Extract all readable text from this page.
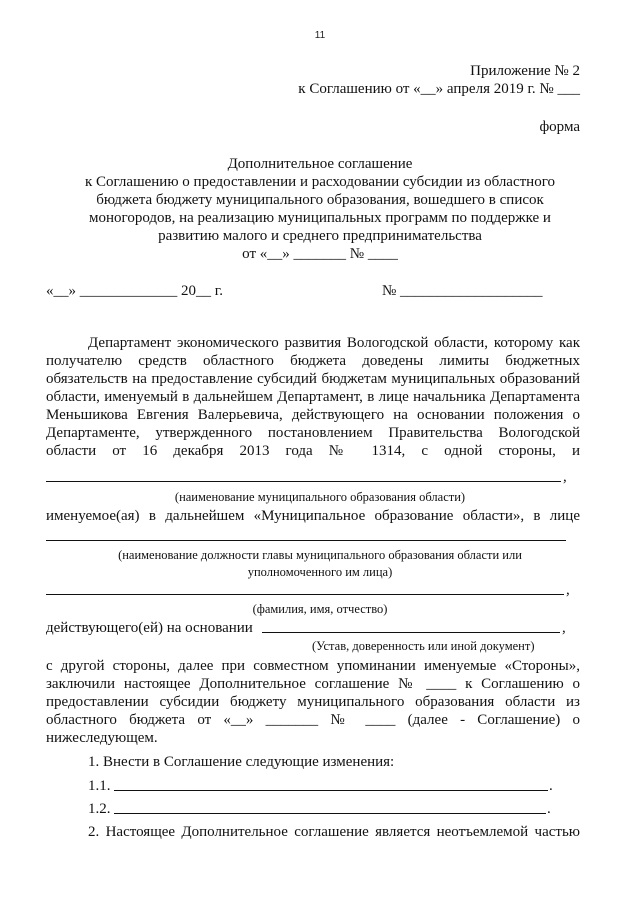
11
Приложение № 2
к Соглашению от «__» апреля 2019 г. № ___
форма
Дополнительное соглашение
к Соглашению о предоставлении и расходовании субсидии из областного
бюджета бюджету муниципального образования, вошедшего в список
моногородов, на реализацию муниципальных программ по поддержке и
развитию малого и среднего предпринимательства
от «__» _______ № ____
«__» _____________ 20__ г.	№ ___________________
Департамент экономического развития Вологодской области, которому как
получателю средств областного бюджета доведены лимиты бюджетных
обязательств на предоставление субсидий бюджетам муниципальных образований
области, именуемый в дальнейшем Департамент, в лице начальника Департамента
Меньшикова Евгения Валерьевича, действующего на основании положения о
Департаменте, утвержденного постановлением Правительства Вологодской
области от 16 декабря 2013 года № 1314, с одной стороны, и
,
(наименование муниципального образования области)
именуемое(ая) в дальнейшем «Муниципальное образование области», в лице
(наименование должности главы муниципального образования области или
уполномоченного им лица)
,
(фамилия, имя, отчество)
действующего(ей) на основании	,
(Устав, доверенность или иной документ)
с другой стороны, далее при совместном упоминании именуемые «Стороны»,
заключили настоящее Дополнительное соглашение № ____ к Соглашению о
предоставлении субсидии бюджету муниципального образования области из
областного бюджета от «__» _______ № ____ (далее - Соглашение) о
нижеследующем.
1. Внести в Соглашение следующие изменения:
1.1.	.
1.2.	.
2. Настоящее Дополнительное соглашение является неотъемлемой частью
